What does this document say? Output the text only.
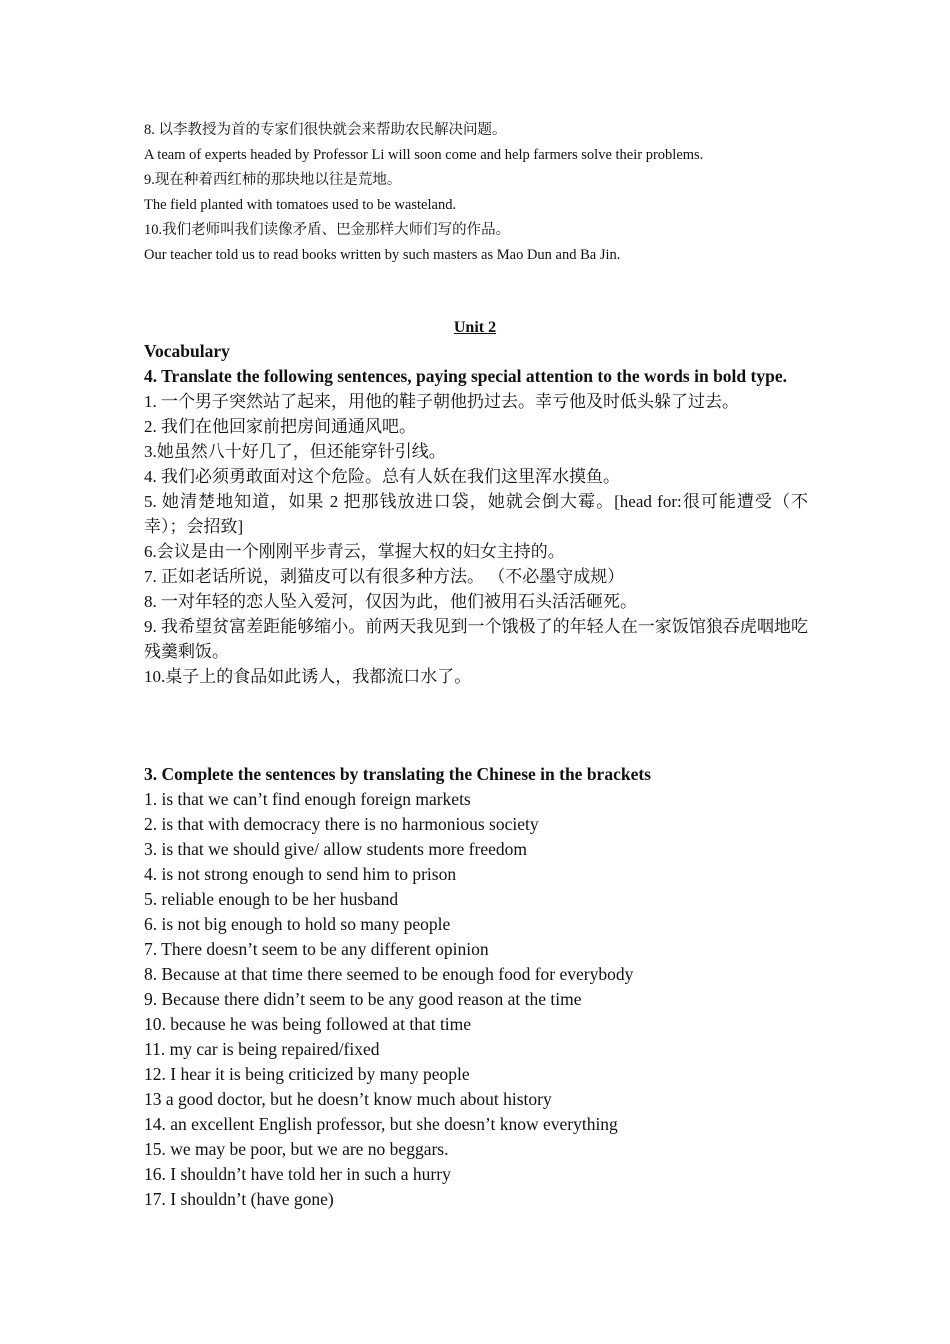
8. 以李教授为首的专家们很快就会来帮助农民解决问题。
A team of experts headed by Professor Li will soon come and help farmers solve their problems.
9.现在种着西红柿的那块地以往是荒地。
The field planted with tomatoes used to be wasteland.
10.我们老师叫我们读像矛盾、巴金那样大师们写的作品。
Our teacher told us to read books written by such masters as Mao Dun and Ba Jin.
Unit 2
Vocabulary
4. Translate the following sentences, paying special attention to the words in bold type.
1. 一个男子突然站了起来，用他的鞋子朝他扔过去。幸亏他及时低头躲了过去。
2. 我们在他回家前把房间通通风吧。
3.她虽然八十好几了，但还能穿针引线。
4. 我们必须勇敢面对这个危险。总有人妖在我们这里浑水摸鱼。
5. 她清楚地知道，如果 2 把那钱放进口袋，她就会倒大霉。[head for:很可能遭受（不幸）；会招致]
6.会议是由一个刚刚平步青云，掌握大权的妇女主持的。
7. 正如老话所说，剥猫皮可以有很多种方法。 （不必墨守成规）
8. 一对年轻的恋人坠入爱河，仅因为此，他们被用石头活活砸死。
9. 我希望贫富差距能够缩小。前两天我见到一个饿极了的年轻人在一家饭馆狼吞虎咽地吃残羹剩饭。
10.桌子上的食品如此诱人，我都流口水了。
3. Complete the sentences by translating the Chinese in the brackets
1. is that we can’t find enough foreign markets
2. is that with democracy there is no harmonious society
3. is that we should give/ allow students more freedom
4. is not strong enough to send him to prison
5. reliable enough to be her husband
6. is not big enough to hold so many people
7. There doesn’t seem to be any different opinion
8. Because at that time there seemed to be enough food for everybody
9. Because there didn’t seem to be any good reason at the time
10. because he was being followed at that time
11. my car is being repaired/fixed
12. I hear it is being criticized by many people
13 a good doctor, but he doesn’t know much about history
14. an excellent English professor, but she doesn’t know everything
15. we may be poor, but we are no beggars.
16. I shouldn’t have told her in such a hurry
17. I shouldn’t (have gone)
